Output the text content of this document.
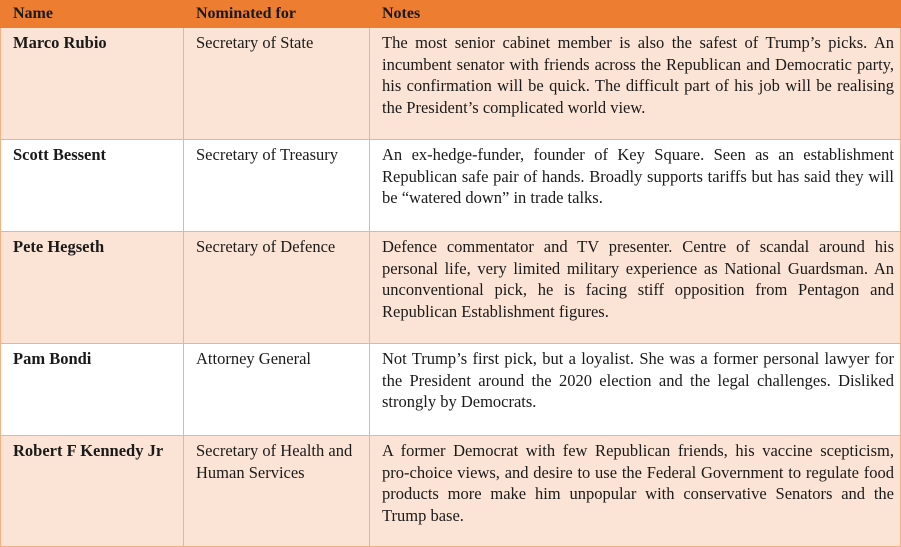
Name	Nominated for	Notes
Marco Rubio	Secretary of State	The most senior cabinet member is also the safest of Trump’s picks. An incumbent senator with friends across the Republican and Democratic party, his confirmation will be quick. The difficult part of his job will be realising the President’s complicated world view.
Scott Bessent	Secretary of Treasury	An ex-hedge-funder, founder of Key Square. Seen as an establishment Republican safe pair of hands. Broadly supports tariffs but has said they will be “watered down” in trade talks.
Pete Hegseth	Secretary of Defence	Defence commentator and TV presenter. Centre of scandal around his personal life, very limited military experience as National Guardsman. An unconventional pick, he is facing stiff opposition from Pentagon and Republican Establishment figures.
Pam Bondi	Attorney General	Not Trump’s first pick, but a loyalist. She was a former personal lawyer for the President around the 2020 election and the legal challenges. Disliked strongly by Democrats.
Robert F Kennedy Jr	Secretary of Health and Human Services	A former Democrat with few Republican friends, his vaccine scepticism, pro-choice views, and desire to use the Federal Government to regulate food products more make him unpopular with conservative Senators and the Trump base.
